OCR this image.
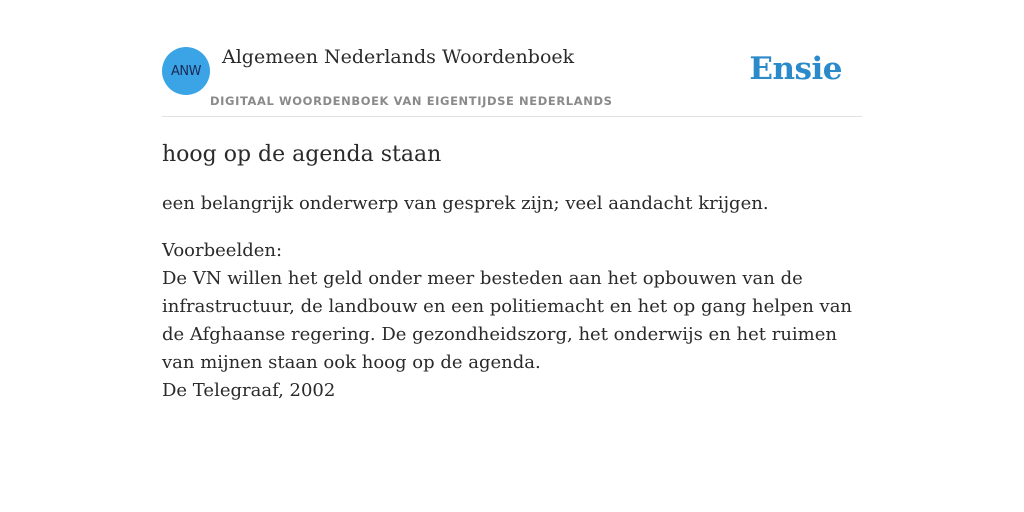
ANW
Algemeen Nederlands Woordenboek
DIGITAAL WOORDENBOEK VAN EIGENTIJDSE NEDERLANDS
Ensie
hoog op de agenda staan

een belangrijk onderwerp van gesprek zijn; veel aandacht krijgen.

Voorbeelden:
De VN willen het geld onder meer besteden aan het opbouwen van de infrastructuur, de landbouw en een politiemacht en het op gang helpen van de Afghaanse regering. De gezondheidszorg, het onderwijs en het ruimen van mijnen staan ook hoog op de agenda.
De Telegraaf, 2002
